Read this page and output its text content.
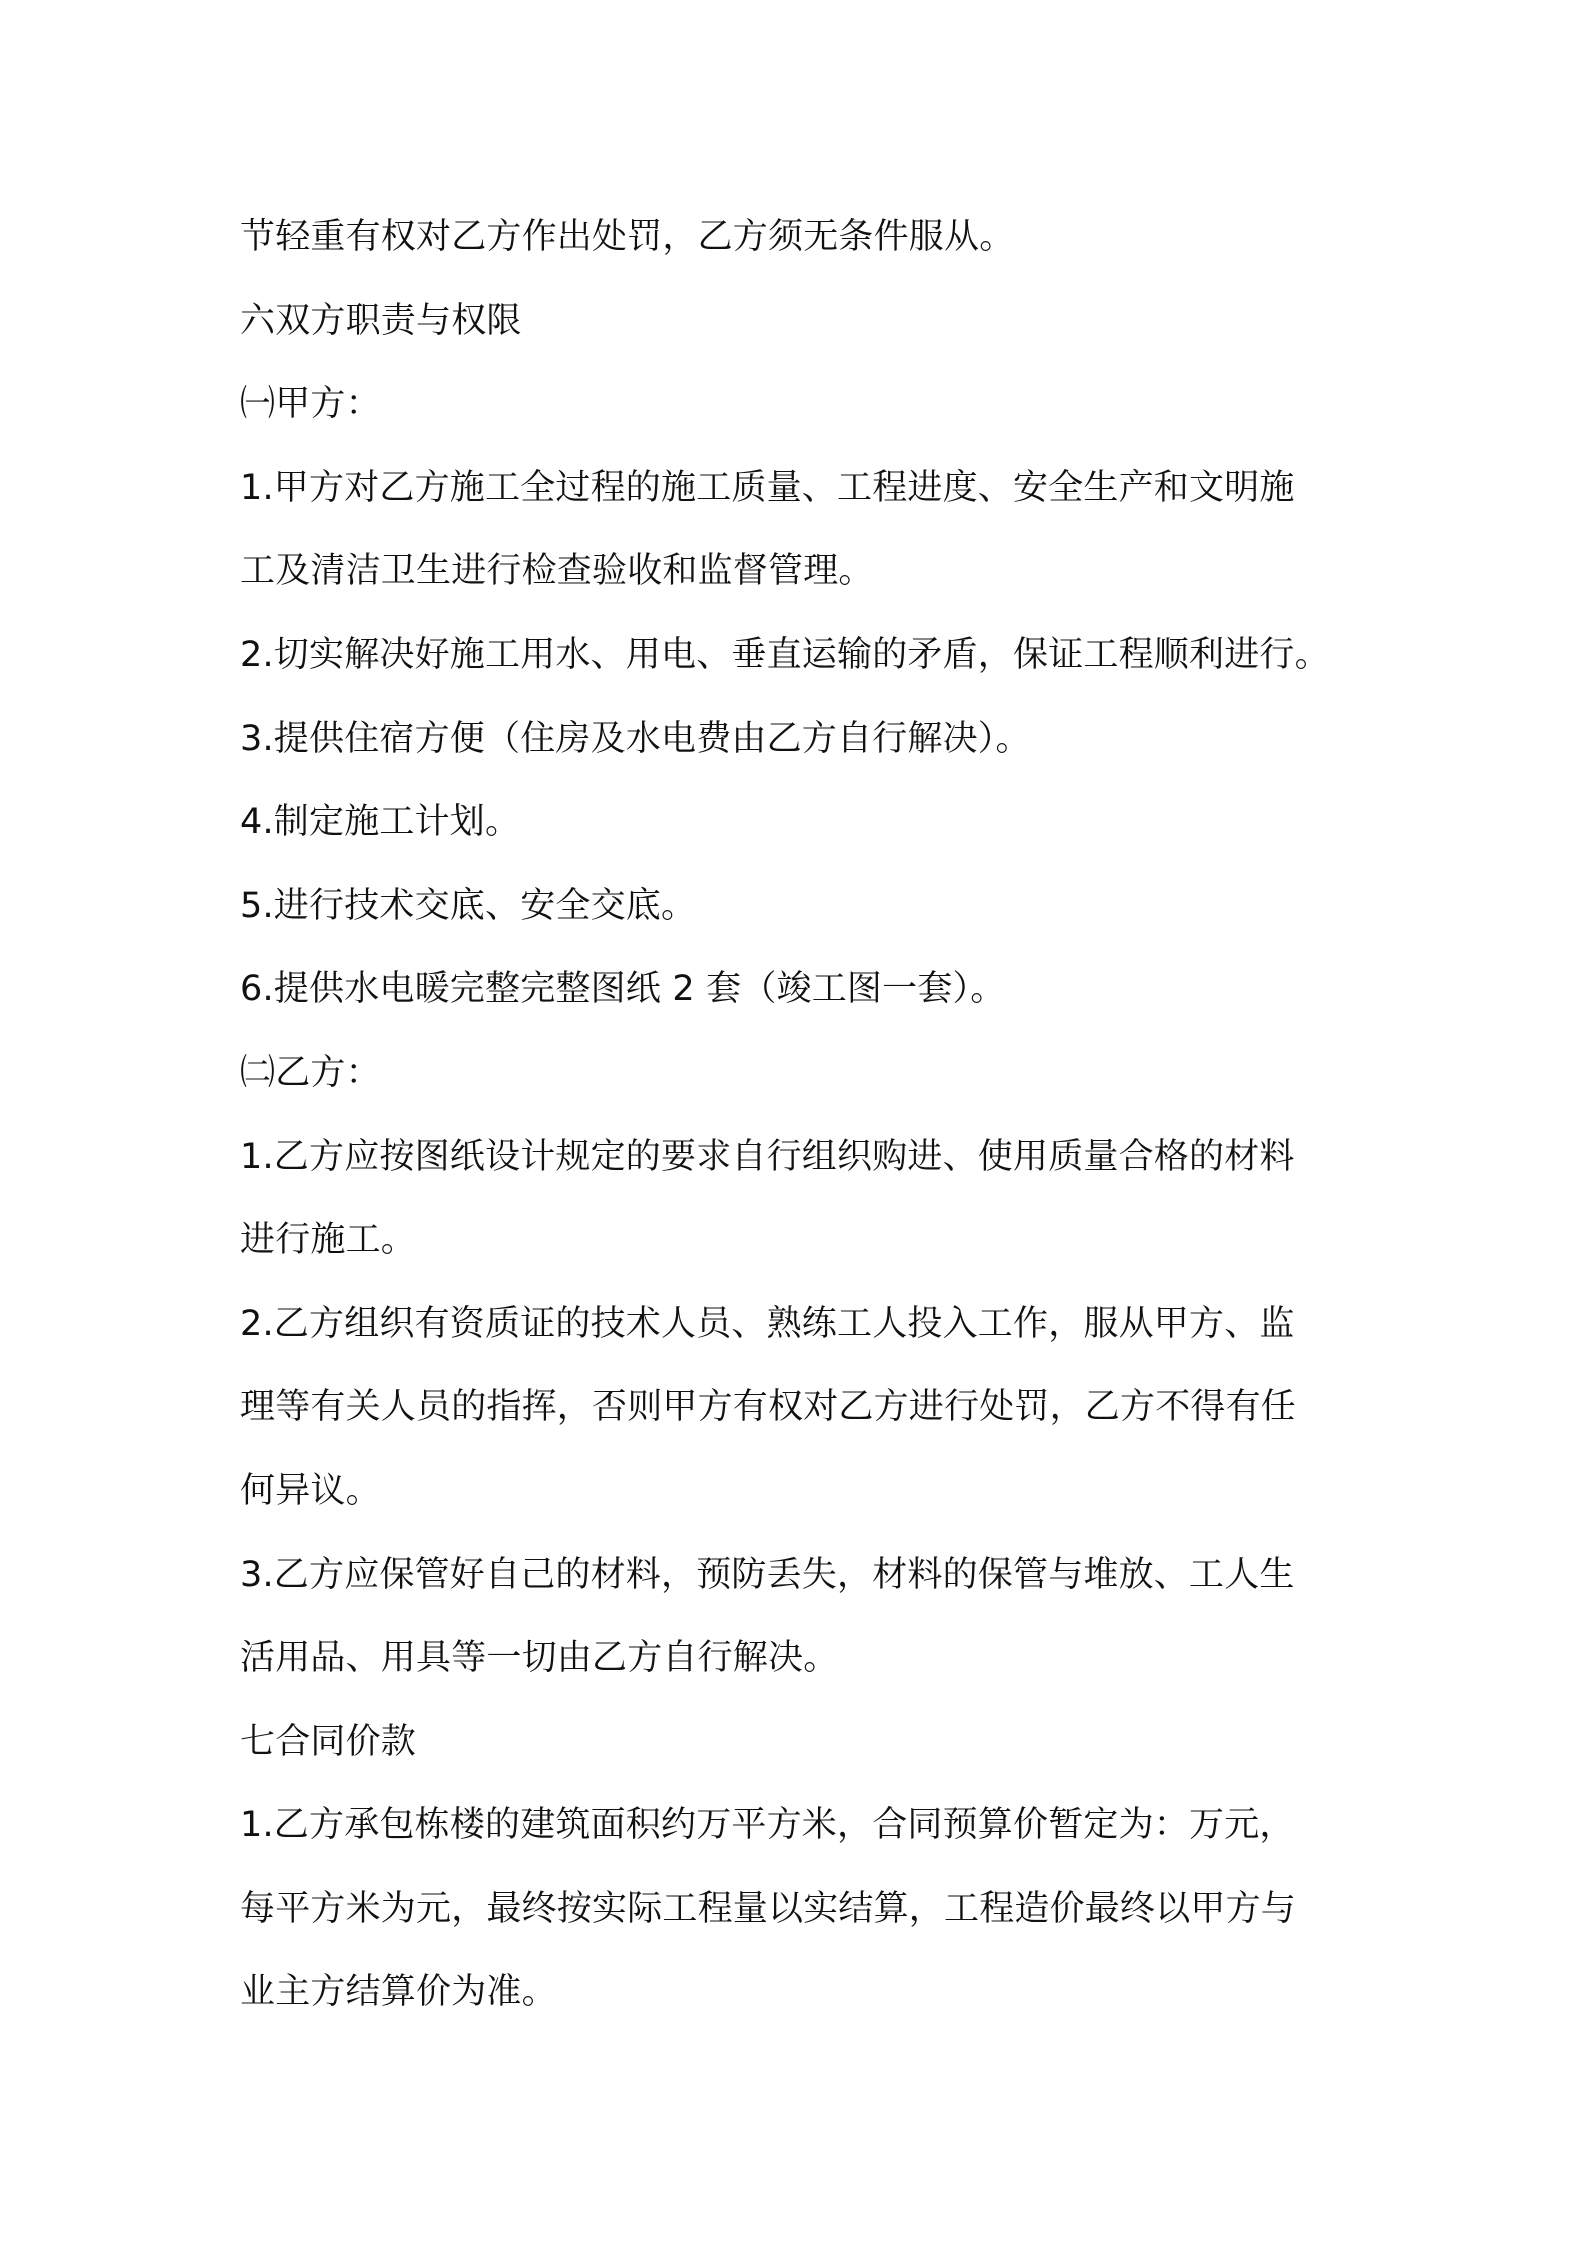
节轻重有权对乙方作出处罚，乙方须无条件服从。

六双方职责与权限

㈠甲方：

1.甲方对乙方施工全过程的施工质量、工程进度、安全生产和文明施

工及清洁卫生进行检查验收和监督管理。

2.切实解决好施工用水、用电、垂直运输的矛盾，保证工程顺利进行。

3.提供住宿方便（住房及水电费由乙方自行解决）。

4.制定施工计划。

5.进行技术交底、安全交底。

6.提供水电暖完整完整图纸 2 套（竣工图一套）。

㈡乙方：

1.乙方应按图纸设计规定的要求自行组织购进、使用质量合格的材料

进行施工。

2.乙方组织有资质证的技术人员、熟练工人投入工作，服从甲方、监

理等有关人员的指挥，否则甲方有权对乙方进行处罚，乙方不得有任

何异议。

3.乙方应保管好自己的材料，预防丢失，材料的保管与堆放、工人生

活用品、用具等一切由乙方自行解决。

七合同价款

1.乙方承包栋楼的建筑面积约万平方米，合同预算价暂定为：万元，

每平方米为元，最终按实际工程量以实结算，工程造价最终以甲方与

业主方结算价为准。
